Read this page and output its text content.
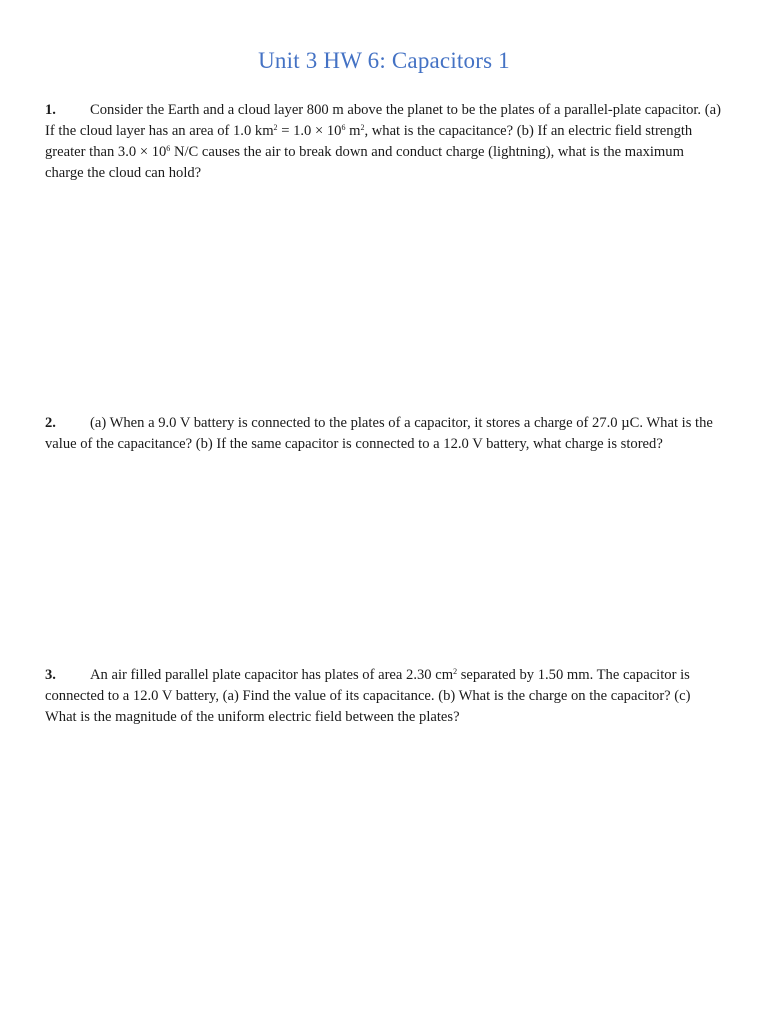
Unit 3 HW 6: Capacitors 1
1. Consider the Earth and a cloud layer 800 m above the planet to be the plates of a parallel-plate capacitor. (a) If the cloud layer has an area of 1.0 $km^2 = 1.0 \times 10^6$ $m^2$, what is the capacitance? (b) If an electric field strength greater than $3.0 \times 10^6$ N/C causes the air to break down and conduct charge (lightning), what is the maximum charge the cloud can hold?
2. (a) When a 9.0 V battery is connected to the plates of a capacitor, it stores a charge of 27.0 µC. What is the value of the capacitance? (b) If the same capacitor is connected to a 12.0 V battery, what charge is stored?
3. An air filled parallel plate capacitor has plates of area 2.30 $cm^2$ separated by 1.50 mm. The capacitor is connected to a 12.0 V battery, (a) Find the value of its capacitance. (b) What is the charge on the capacitor? (c) What is the magnitude of the uniform electric field between the plates?
